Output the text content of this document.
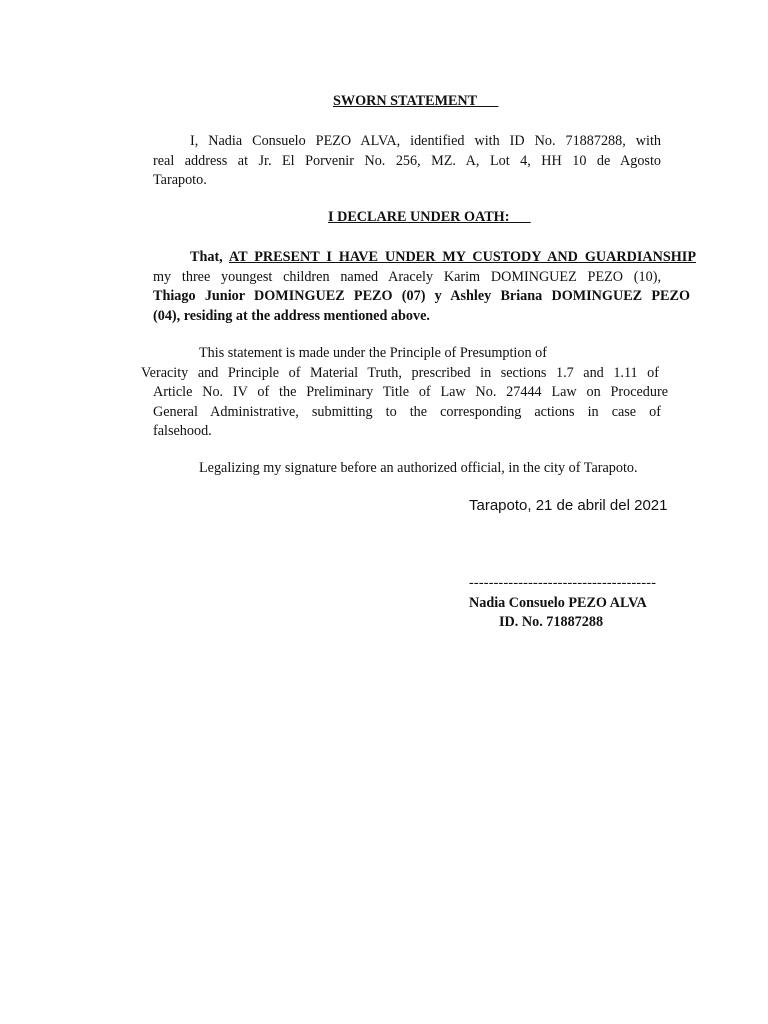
SWORN STATEMENT
I, Nadia Consuelo PEZO ALVA, identified with ID No. 71887288, with
real address at Jr. El Porvenir No. 256, MZ. A, Lot 4, HH 10 de Agosto
Tarapoto.
I DECLARE UNDER OATH:
That, AT PRESENT I HAVE UNDER MY CUSTODY AND GUARDIANSHIP
my three youngest children named Aracely Karim DOMINGUEZ PEZO (10),
Thiago Junior DOMINGUEZ PEZO (07) y Ashley Briana DOMINGUEZ PEZO
(04), residing at the address mentioned above.
This statement is made under the Principle of Presumption of
Veracity and Principle of Material Truth, prescribed in sections 1.7 and 1.11 of
Article No. IV of the Preliminary Title of Law No. 27444 Law on Procedure
General Administrative, submitting to the corresponding actions in case of
falsehood.
Legalizing my signature before an authorized official, in the city of Tarapoto.
Tarapoto, 21 de abril del 2021
--------------------------------------
Nadia Consuelo PEZO ALVA
ID. No. 71887288
